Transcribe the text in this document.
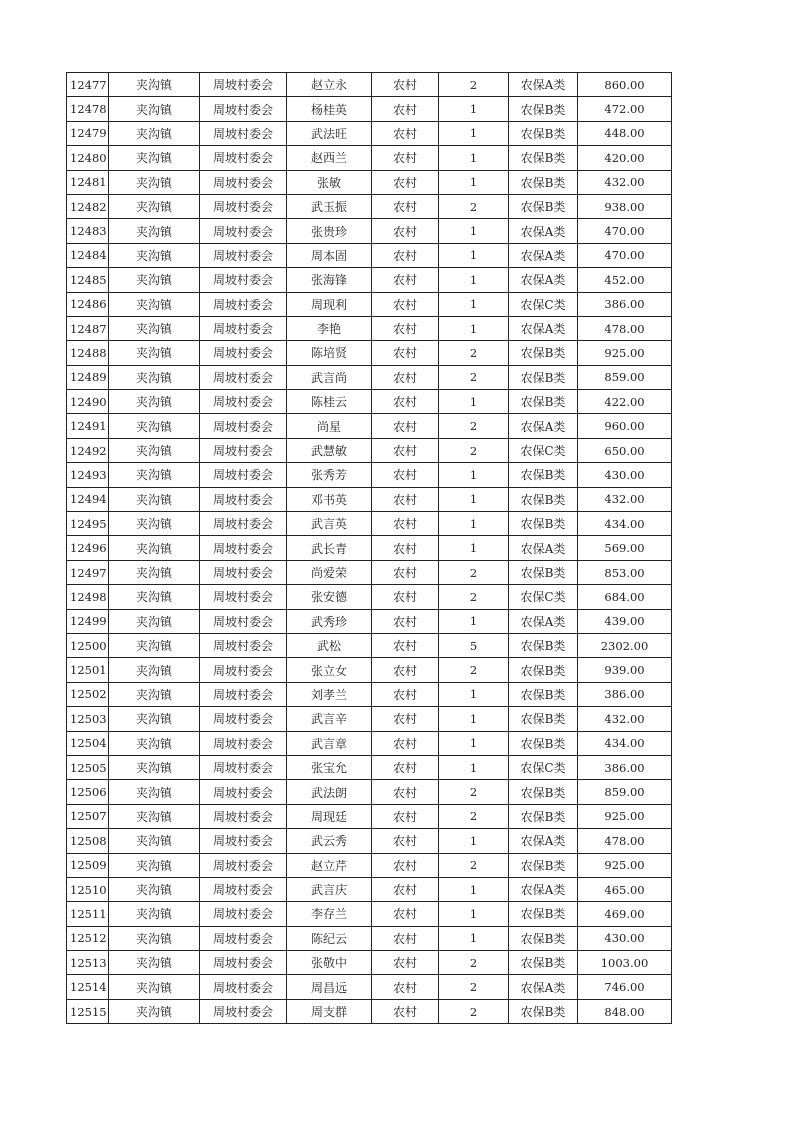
12477	夹沟镇	周坡村委会	赵立永	农村	2	农保A类	860.00
12478	夹沟镇	周坡村委会	杨桂英	农村	1	农保B类	472.00
12479	夹沟镇	周坡村委会	武法旺	农村	1	农保B类	448.00
12480	夹沟镇	周坡村委会	赵西兰	农村	1	农保B类	420.00
12481	夹沟镇	周坡村委会	张敏	农村	1	农保B类	432.00
12482	夹沟镇	周坡村委会	武玉振	农村	2	农保B类	938.00
12483	夹沟镇	周坡村委会	张贵珍	农村	1	农保A类	470.00
12484	夹沟镇	周坡村委会	周本固	农村	1	农保A类	470.00
12485	夹沟镇	周坡村委会	张海锋	农村	1	农保A类	452.00
12486	夹沟镇	周坡村委会	周现利	农村	1	农保C类	386.00
12487	夹沟镇	周坡村委会	李艳	农村	1	农保A类	478.00
12488	夹沟镇	周坡村委会	陈培贤	农村	2	农保B类	925.00
12489	夹沟镇	周坡村委会	武言尚	农村	2	农保B类	859.00
12490	夹沟镇	周坡村委会	陈桂云	农村	1	农保B类	422.00
12491	夹沟镇	周坡村委会	尚星	农村	2	农保A类	960.00
12492	夹沟镇	周坡村委会	武慧敏	农村	2	农保C类	650.00
12493	夹沟镇	周坡村委会	张秀芳	农村	1	农保B类	430.00
12494	夹沟镇	周坡村委会	邓书英	农村	1	农保B类	432.00
12495	夹沟镇	周坡村委会	武言英	农村	1	农保B类	434.00
12496	夹沟镇	周坡村委会	武长青	农村	1	农保A类	569.00
12497	夹沟镇	周坡村委会	尚爱荣	农村	2	农保B类	853.00
12498	夹沟镇	周坡村委会	张安德	农村	2	农保C类	684.00
12499	夹沟镇	周坡村委会	武秀珍	农村	1	农保A类	439.00
12500	夹沟镇	周坡村委会	武松	农村	5	农保B类	2302.00
12501	夹沟镇	周坡村委会	张立女	农村	2	农保B类	939.00
12502	夹沟镇	周坡村委会	刘孝兰	农村	1	农保B类	386.00
12503	夹沟镇	周坡村委会	武言辛	农村	1	农保B类	432.00
12504	夹沟镇	周坡村委会	武言章	农村	1	农保B类	434.00
12505	夹沟镇	周坡村委会	张宝允	农村	1	农保C类	386.00
12506	夹沟镇	周坡村委会	武法朗	农村	2	农保B类	859.00
12507	夹沟镇	周坡村委会	周现廷	农村	2	农保B类	925.00
12508	夹沟镇	周坡村委会	武云秀	农村	1	农保A类	478.00
12509	夹沟镇	周坡村委会	赵立芹	农村	2	农保B类	925.00
12510	夹沟镇	周坡村委会	武言庆	农村	1	农保A类	465.00
12511	夹沟镇	周坡村委会	李存兰	农村	1	农保B类	469.00
12512	夹沟镇	周坡村委会	陈纪云	农村	1	农保B类	430.00
12513	夹沟镇	周坡村委会	张敬中	农村	2	农保B类	1003.00
12514	夹沟镇	周坡村委会	周昌远	农村	2	农保A类	746.00
12515	夹沟镇	周坡村委会	周支群	农村	2	农保B类	848.00
